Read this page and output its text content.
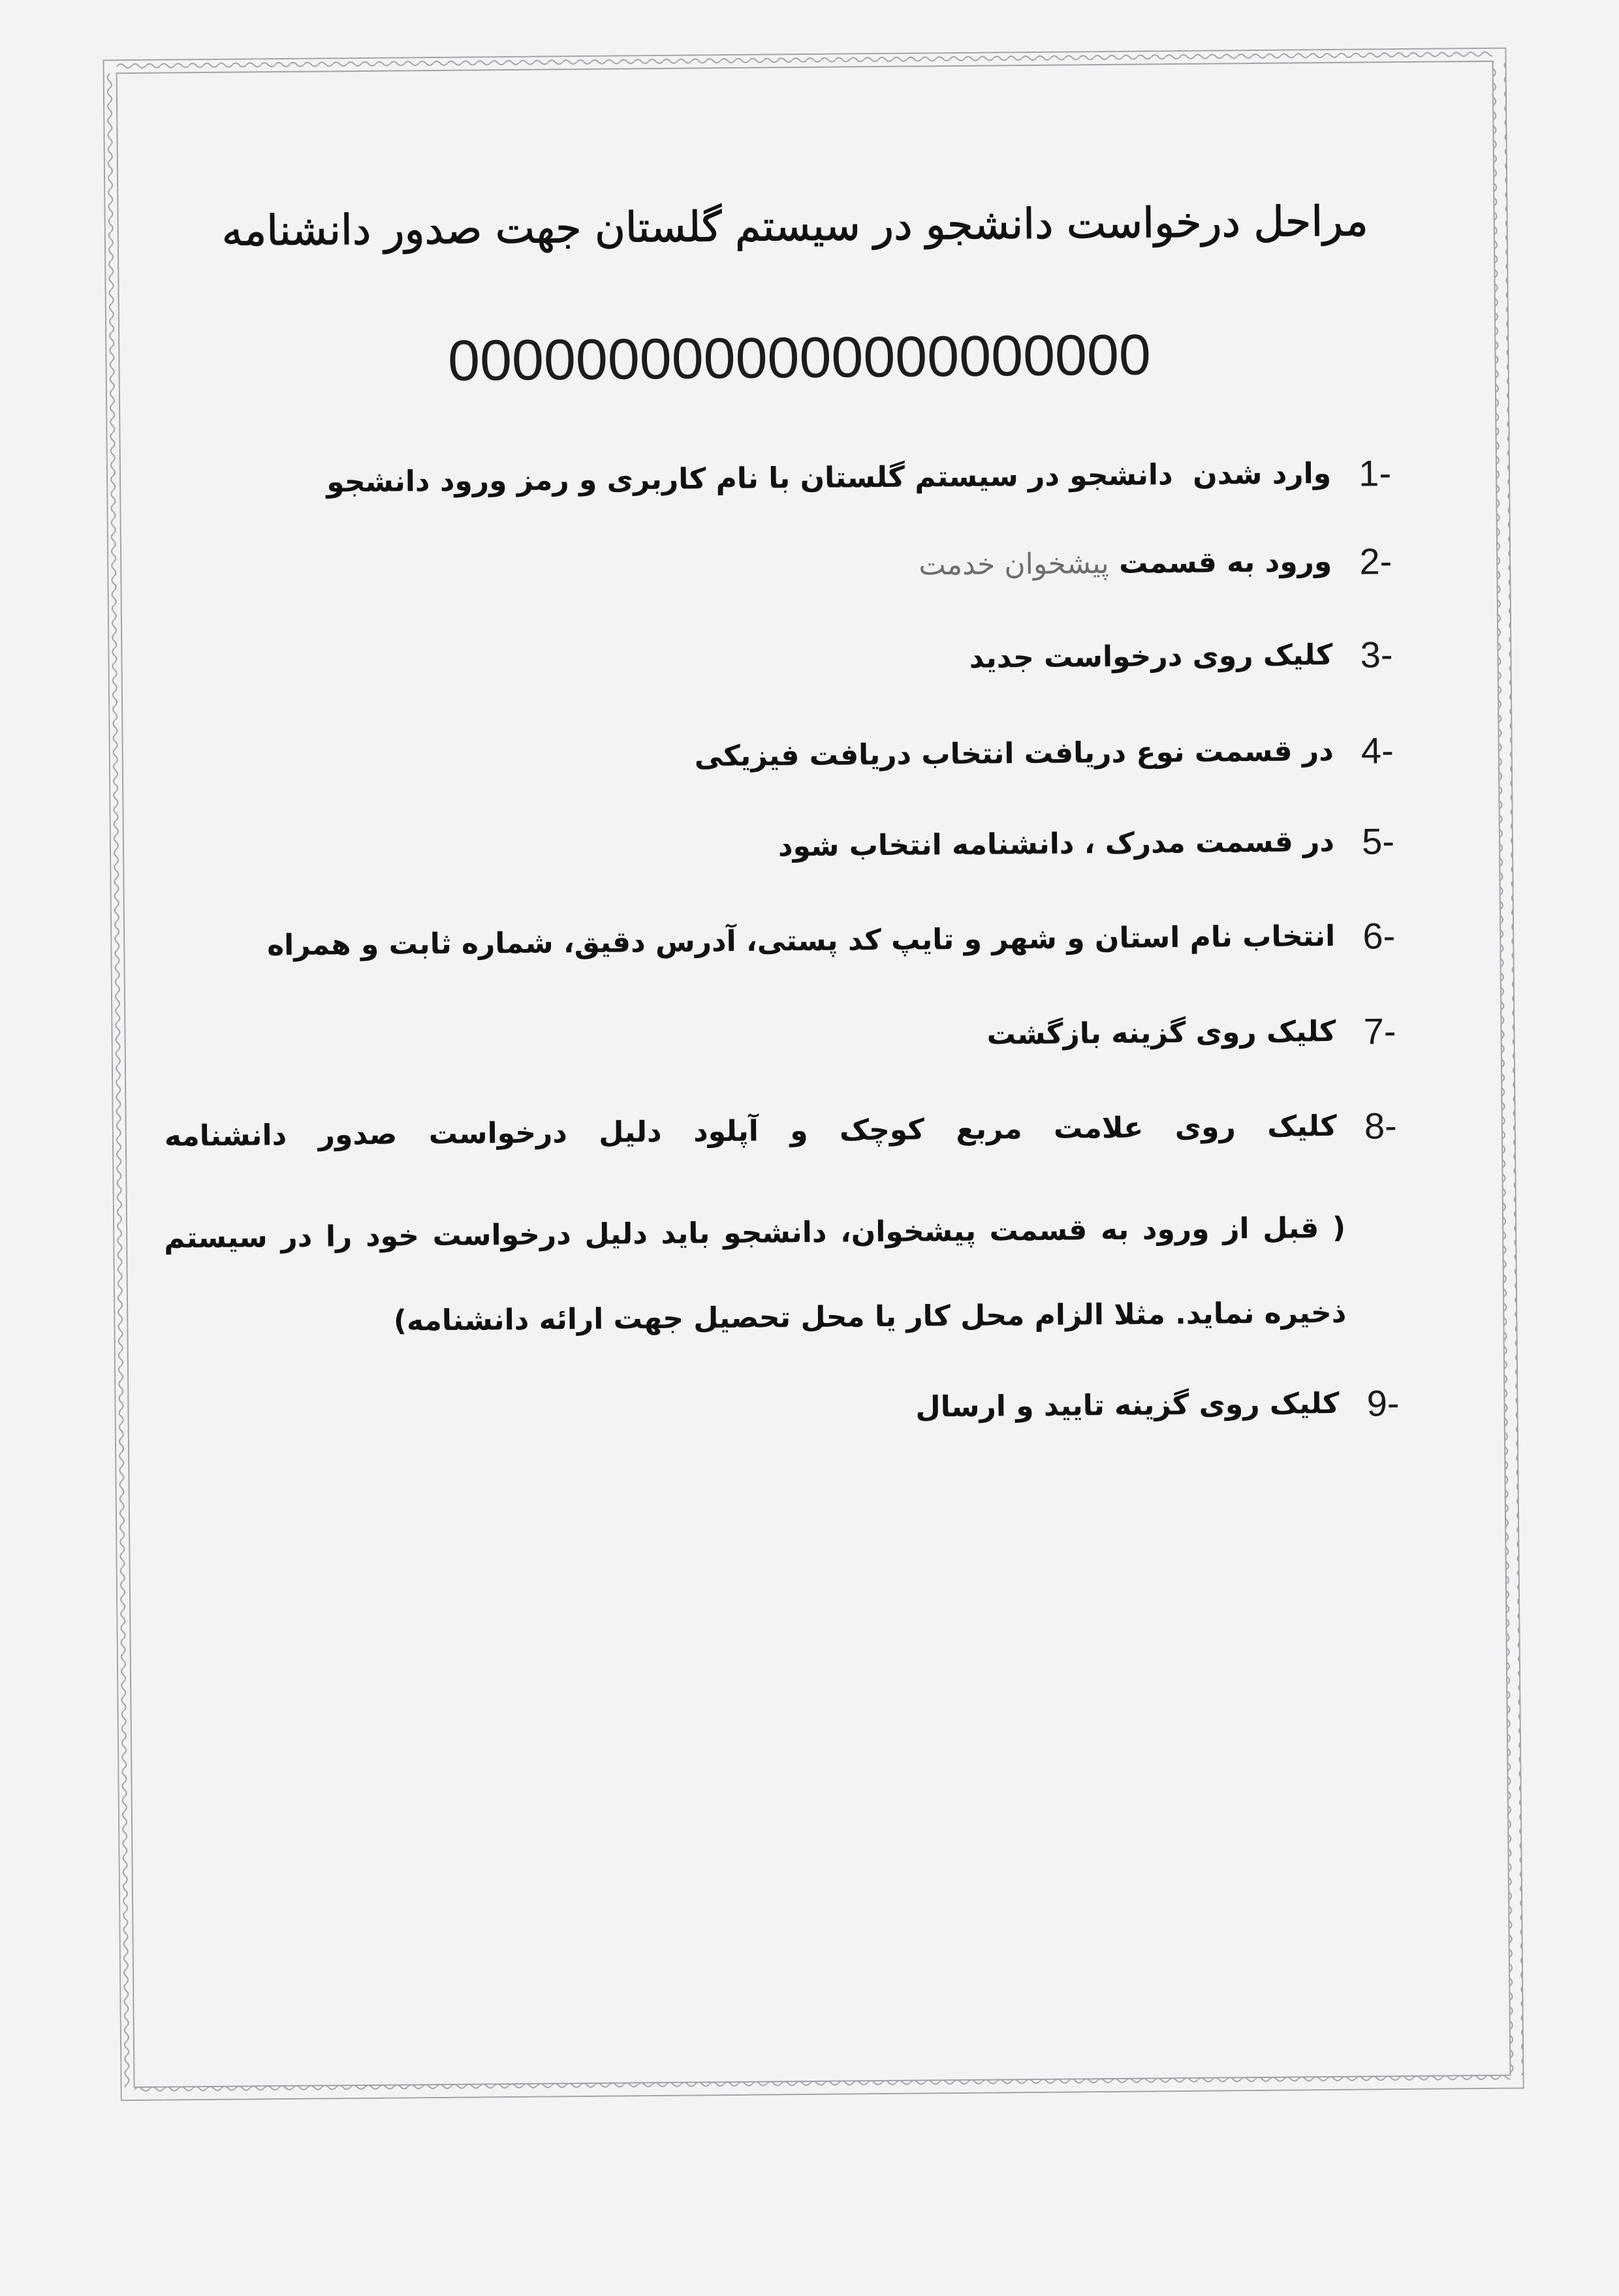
مراحل درخواست دانشجو در سیستم گلستان جهت صدور دانشنامه
0000000000000000000000
1-
وارد شدن  دانشجو در سیستم گلستان با نام کاربری و رمز ورود دانشجو
2-
ورود به قسمت پیشخوان خدمت
3-
کلیک روی درخواست جدید
4-
در قسمت نوع دریافت انتخاب دریافت فیزیکی
5-
در قسمت مدرک ، دانشنامه انتخاب شود
6-
انتخاب نام استان و شهر و تایپ کد پستی، آدرس دقیق، شماره ثابت و همراه
7-
کلیک روی گزینه بازگشت
8-
کلیک روی علامت مربع کوچک و آپلود دلیل درخواست صدور دانشنامه
( قبل از ورود به قسمت پیشخوان، دانشجو باید دلیل درخواست خود را در سیستم
ذخیره نماید. مثلا الزام محل کار یا محل تحصیل جهت ارائه دانشنامه)
9-
کلیک روی گزینه تایید و ارسال
